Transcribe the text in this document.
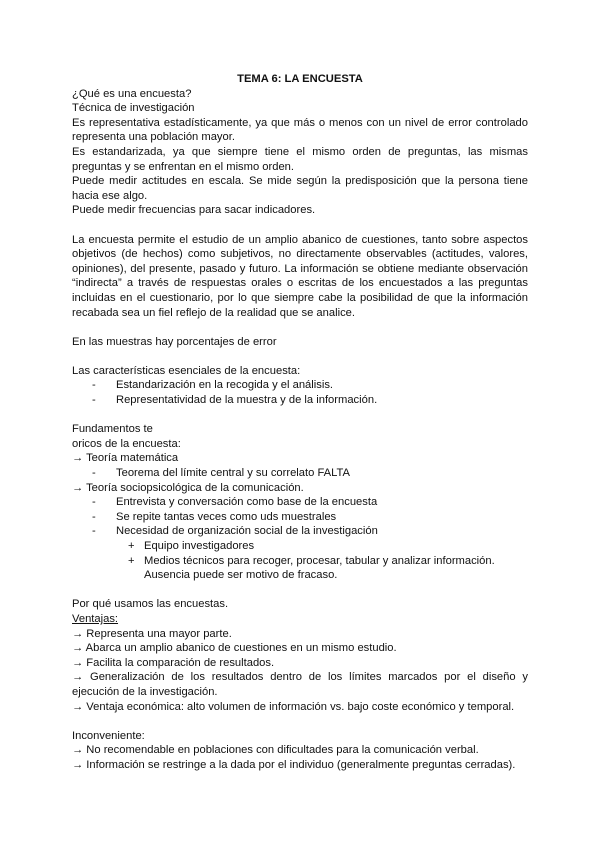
TEMA 6: LA ENCUESTA

¿Qué es una encuesta?

Técnica de investigación

Es representativa estadísticamente, ya que más o menos con un nivel de error controlado representa una población mayor.

Es estandarizada, ya que siempre tiene el mismo orden de preguntas, las mismas preguntas y se enfrentan en el mismo orden.

Puede medir actitudes en escala. Se mide según la predisposición que la persona tiene hacia ese algo.

Puede medir frecuencias para sacar indicadores.

La encuesta permite el estudio de un amplio abanico de cuestiones, tanto sobre aspectos objetivos (de hechos) como subjetivos, no directamente observables (actitudes, valores, opiniones), del presente, pasado y futuro. La información se obtiene mediante observación “indirecta” a través de respuestas orales o escritas de los encuestados a las preguntas incluidas en el cuestionario, por lo que siempre cabe la posibilidad de que la información recabada sea un fiel reflejo de la realidad que se analice.

En las muestras hay porcentajes de error

Las características esenciales de la encuesta:

- Estandarización en la recogida y el análisis.

- Representatividad de la muestra y de la información.

Fundamentos te

oricos de la encuesta:

→ Teoría matemática

- Teorema del límite central y su correlato FALTA

→ Teoría sociopsicológica de la comunicación.

- Entrevista y conversación como base de la encuesta

- Se repite tantas veces como uds muestrales

- Necesidad de organización social de la investigación

+ Equipo investigadores

+ Medios técnicos para recoger, procesar, tabular y analizar información.

Ausencia puede ser motivo de fracaso.

Por qué usamos las encuestas.

Ventajas:

→ Representa una mayor parte.

→ Abarca un amplio abanico de cuestiones en un mismo estudio.

→ Facilita la comparación de resultados.

→ Generalización de los resultados dentro de los límites marcados por el diseño y ejecución de la investigación.

→ Ventaja económica: alto volumen de información vs. bajo coste económico y temporal.

Inconveniente:

→ No recomendable en poblaciones con dificultades para la comunicación verbal.

→ Información se restringe a la dada por el individuo (generalmente preguntas cerradas).
